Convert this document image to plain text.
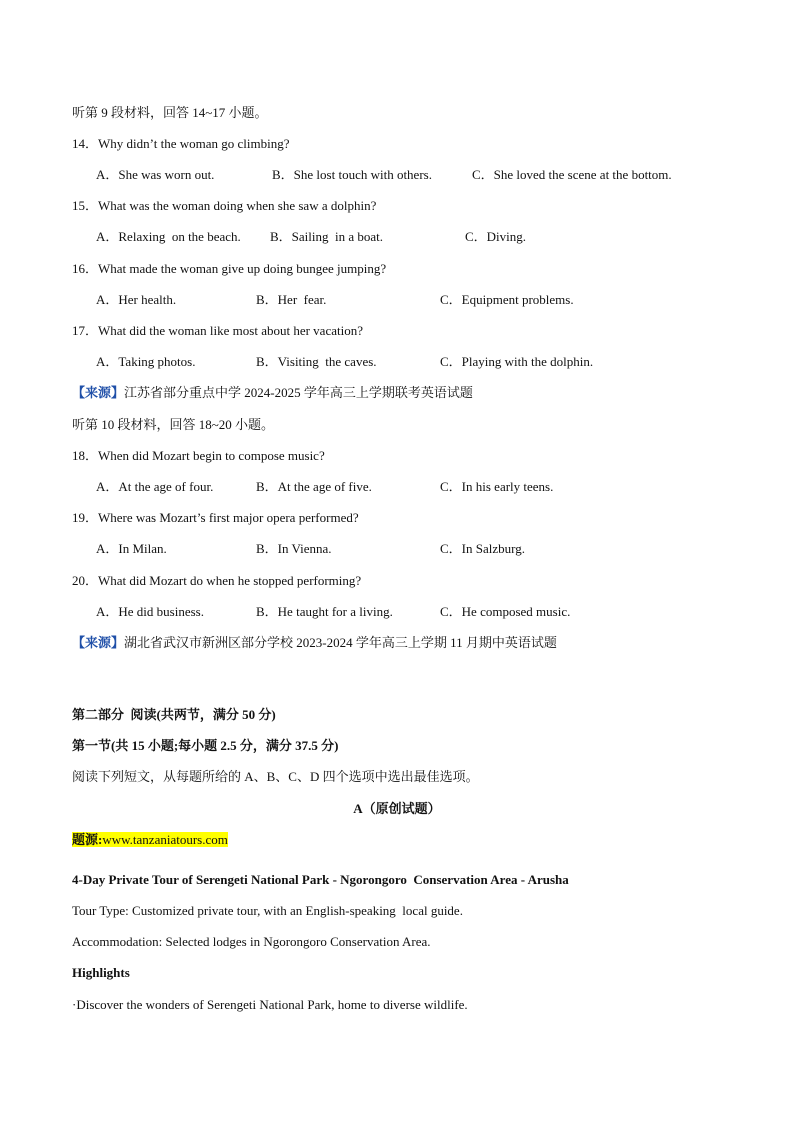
听第 9 段材料，回答 14~17 小题。
14．Why didn’t the woman go climbing?
A．She was worn out.	B．She lost touch with others.	C．She loved the scene at the bottom.
15．What was the woman doing when she saw a dolphin?
A．Relaxing  on the beach. B．Sailing  in a boat.	C．Diving.
16．What made the woman give up doing bungee jumping?
A．Her health.	B．Her  fear.	C．Equipment problems.
17．What did the woman like most about her vacation?
A．Taking photos.	B．Visiting  the caves.	C．Playing with the dolphin.
【来源】江苏省部分重点中学 2024-2025 学年高三上学期联考英语试题
听第 10 段材料，回答 18~20 小题。
18．When did Mozart begin to compose music?
A．At the age of four.	B．At the age of five.	C．In his early teens.
19．Where was Mozart’s first major opera performed?
A．In Milan.	B．In Vienna.	C．In Salzburg.
20．What did Mozart do when he stopped performing?
A．He did business.	B．He taught for a living.	C．He composed music.
【来源】湖北省武汉市新洲区部分学校 2023-2024 学年高三上学期 11 月期中英语试题
第二部分  阅读(共两节，满分 50 分)
第一节(共 15 小题;每小题 2.5 分，满分 37.5 分)
阅读下列短文，从每题所给的 A、B、C、D 四个选项中选出最佳选项。
A（原创试题）
题源:www.tanzaniatours.com
4-Day Private Tour of Serengeti National Park - Ngorongoro  Conservation Area - Arusha
Tour Type: Customized private tour, with an English-speaking  local guide.
Accommodation: Selected lodges in Ngorongoro Conservation Area.
Highlights
·Discover the wonders of Serengeti National Park, home to diverse wildlife.
